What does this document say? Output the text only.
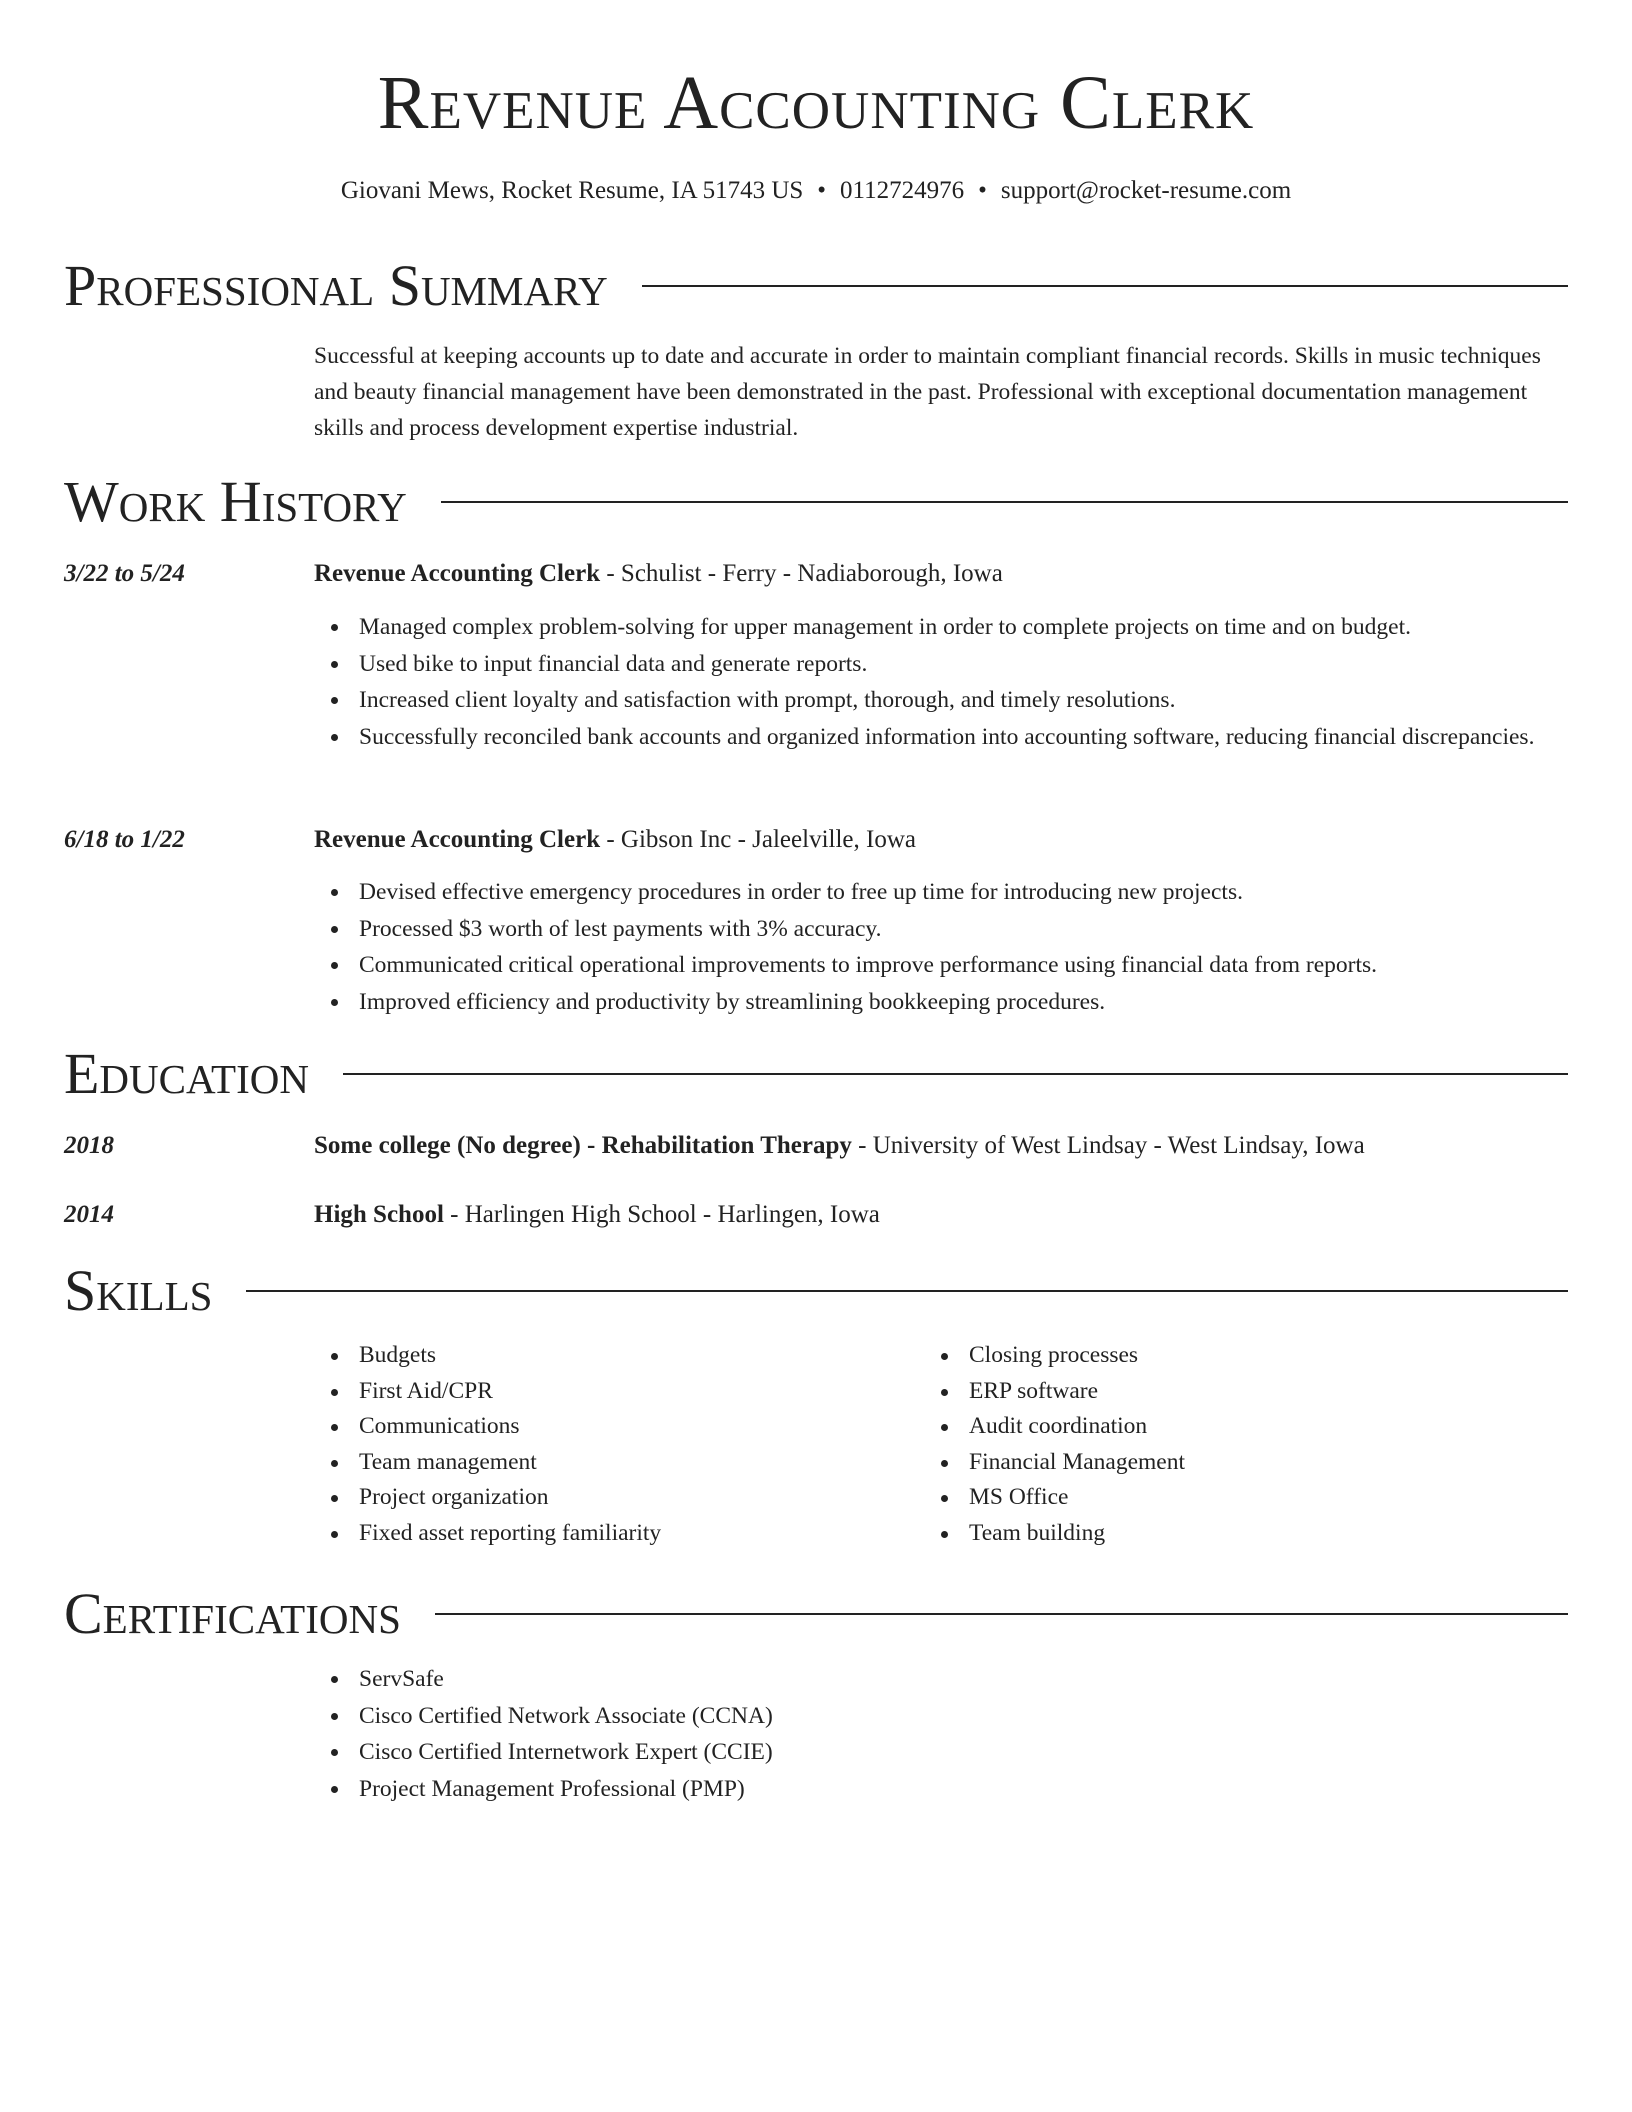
Revenue Accounting Clerk
Giovani Mews, Rocket Resume, IA 51743 US • 0112724976 • support@rocket-resume.com
Professional Summary

Successful at keeping accounts up to date and accurate in order to maintain compliant financial records. Skills in music techniques and beauty financial management have been demonstrated in the past. Professional with exceptional documentation management skills and process development expertise industrial.

Work History
3/22 to 5/24	Revenue Accounting Clerk - Schulist - Ferry - Nadiaborough, Iowa
Managed complex problem-solving for upper management in order to complete projects on time and on budget.
Used bike to input financial data and generate reports.
Increased client loyalty and satisfaction with prompt, thorough, and timely resolutions.
Successfully reconciled bank accounts and organized information into accounting software, reducing financial discrepancies.
6/18 to 1/22	Revenue Accounting Clerk - Gibson Inc - Jaleelville, Iowa
Devised effective emergency procedures in order to free up time for introducing new projects.
Processed $3 worth of lest payments with 3% accuracy.
Communicated critical operational improvements to improve performance using financial data from reports.
Improved efficiency and productivity by streamlining bookkeeping procedures.
Education
2018	Some college (No degree) - Rehabilitation Therapy - University of West Lindsay - West Lindsay, Iowa
2014	High School - Harlingen High School - Harlingen, Iowa
Skills
Budgets
First Aid/CPR
Communications
Team management
Project organization
Fixed asset reporting familiarity
Closing processes
ERP software
Audit coordination
Financial Management
MS Office
Team building
Certifications
ServSafe
Cisco Certified Network Associate (CCNA)
Cisco Certified Internetwork Expert (CCIE)
Project Management Professional (PMP)
